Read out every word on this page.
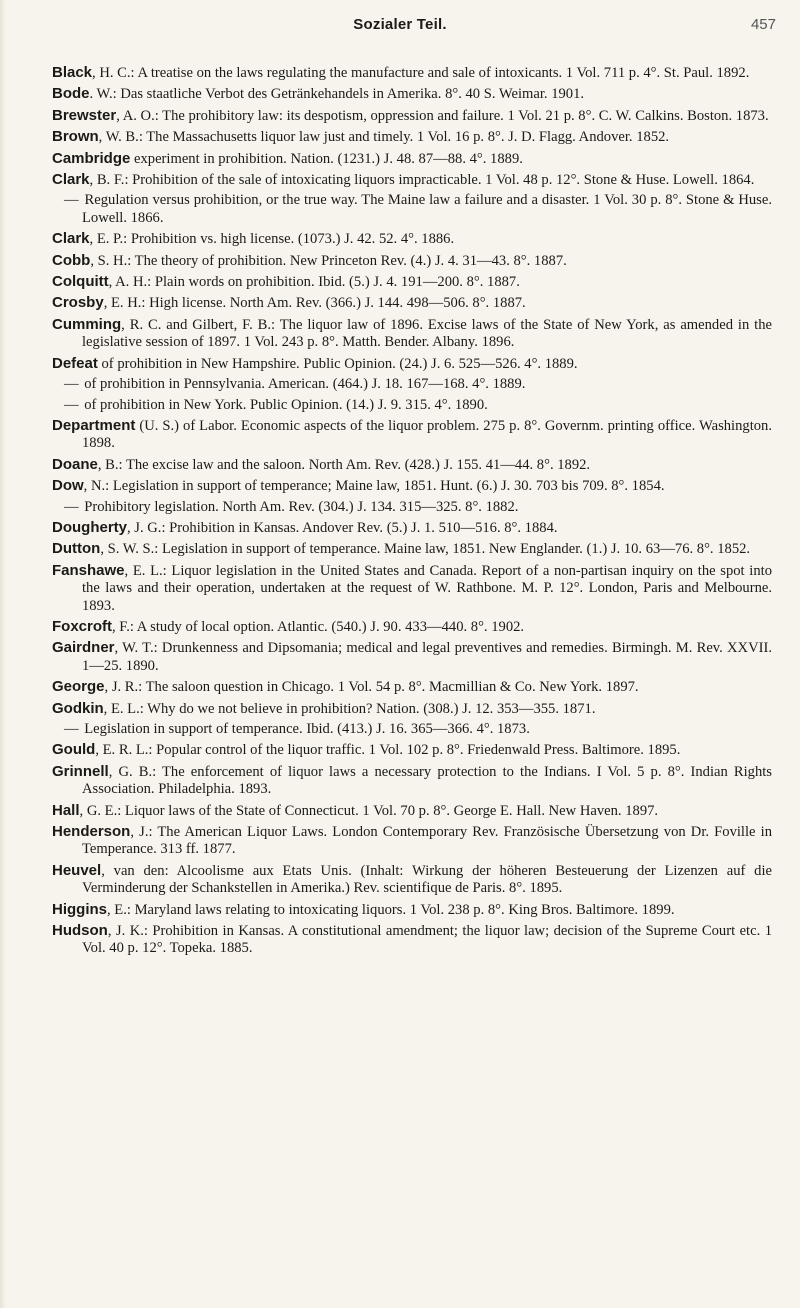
Sozialer Teil.	457

Black, H. C.: A treatise on the laws regulating the manufacture and sale of intoxicants. 1 Vol. 711 p. 4°. St. Paul. 1892.

Bode. W.: Das staatliche Verbot des Getränkehandels in Amerika. 8°. 40 S. Weimar. 1901.

Brewster, A. O.: The prohibitory law: its despotism, oppression and failure. 1 Vol. 21 p. 8°. C. W. Calkins. Boston. 1873.

Brown, W. B.: The Massachusetts liquor law just and timely. 1 Vol. 16 p. 8°. J. D. Flagg. Andover. 1852.

Cambridge experiment in prohibition. Nation. (1231.) J. 48. 87—88. 4°. 1889.

Clark, B. F.: Prohibition of the sale of intoxicating liquors impracticable. 1 Vol. 48 p. 12°. Stone & Huse. Lowell. 1864.

— Regulation versus prohibition, or the true way. The Maine law a failure and a disaster. 1 Vol. 30 p. 8°. Stone & Huse. Lowell. 1866.

Clark, E. P.: Prohibition vs. high license. (1073.) J. 42. 52. 4°. 1886.

Cobb, S. H.: The theory of prohibition. New Princeton Rev. (4.) J. 4. 31—43. 8°. 1887.

Colquitt, A. H.: Plain words on prohibition. Ibid. (5.) J. 4. 191—200. 8°. 1887.

Crosby, E. H.: High license. North Am. Rev. (366.) J. 144. 498—506. 8°. 1887.

Cumming, R. C. and Gilbert, F. B.: The liquor law of 1896. Excise laws of the State of New York, as amended in the legislative session of 1897. 1 Vol. 243 p. 8°. Matth. Bender. Albany. 1896.

Defeat of prohibition in New Hampshire. Public Opinion. (24.) J. 6. 525—526. 4°. 1889.

— of prohibition in Pennsylvania. American. (464.) J. 18. 167—168. 4°. 1889.

— of prohibition in New York. Public Opinion. (14.) J. 9. 315. 4°. 1890.

Department (U. S.) of Labor. Economic aspects of the liquor problem. 275 p. 8°. Governm. printing office. Washington. 1898.

Doane, B.: The excise law and the saloon. North Am. Rev. (428.) J. 155. 41—44. 8°. 1892.

Dow, N.: Legislation in support of temperance; Maine law, 1851. Hunt. (6.) J. 30. 703 bis 709. 8°. 1854.

— Prohibitory legislation. North Am. Rev. (304.) J. 134. 315—325. 8°. 1882.

Dougherty, J. G.: Prohibition in Kansas. Andover Rev. (5.) J. 1. 510—516. 8°. 1884.

Dutton, S. W. S.: Legislation in support of temperance. Maine law, 1851. New Englander. (1.) J. 10. 63—76. 8°. 1852.

Fanshawe, E. L.: Liquor legislation in the United States and Canada. Report of a non-partisan inquiry on the spot into the laws and their operation, undertaken at the request of W. Rathbone. M. P. 12°. London, Paris and Melbourne. 1893.

Foxcroft, F.: A study of local option. Atlantic. (540.) J. 90. 433—440. 8°. 1902.

Gairdner, W. T.: Drunkenness and Dipsomania; medical and legal preventives and remedies. Birmingh. M. Rev. XXVII. 1—25. 1890.

George, J. R.: The saloon question in Chicago. 1 Vol. 54 p. 8°. Macmillian & Co. New York. 1897.

Godkin, E. L.: Why do we not believe in prohibition? Nation. (308.) J. 12. 353—355. 1871.

— Legislation in support of temperance. Ibid. (413.) J. 16. 365—366. 4°. 1873.

Gould, E. R. L.: Popular control of the liquor traffic. 1 Vol. 102 p. 8°. Friedenwald Press. Baltimore. 1895.

Grinnell, G. B.: The enforcement of liquor laws a necessary protection to the Indians. I Vol. 5 p. 8°. Indian Rights Association. Philadelphia. 1893.

Hall, G. E.: Liquor laws of the State of Connecticut. 1 Vol. 70 p. 8°. George E. Hall. New Haven. 1897.

Henderson, J.: The American Liquor Laws. London Contemporary Rev. Französische Übersetzung von Dr. Foville in Temperance. 313 ff. 1877.

Heuvel, van den: Alcoolisme aux Etats Unis. (Inhalt: Wirkung der höheren Besteuerung der Lizenzen auf die Verminderung der Schankstellen in Amerika.) Rev. scientifique de Paris. 8°. 1895.

Higgins, E.: Maryland laws relating to intoxicating liquors. 1 Vol. 238 p. 8°. King Bros. Baltimore. 1899.

Hudson, J. K.: Prohibition in Kansas. A constitutional amendment; the liquor law; decision of the Supreme Court etc. 1 Vol. 40 p. 12°. Topeka. 1885.
